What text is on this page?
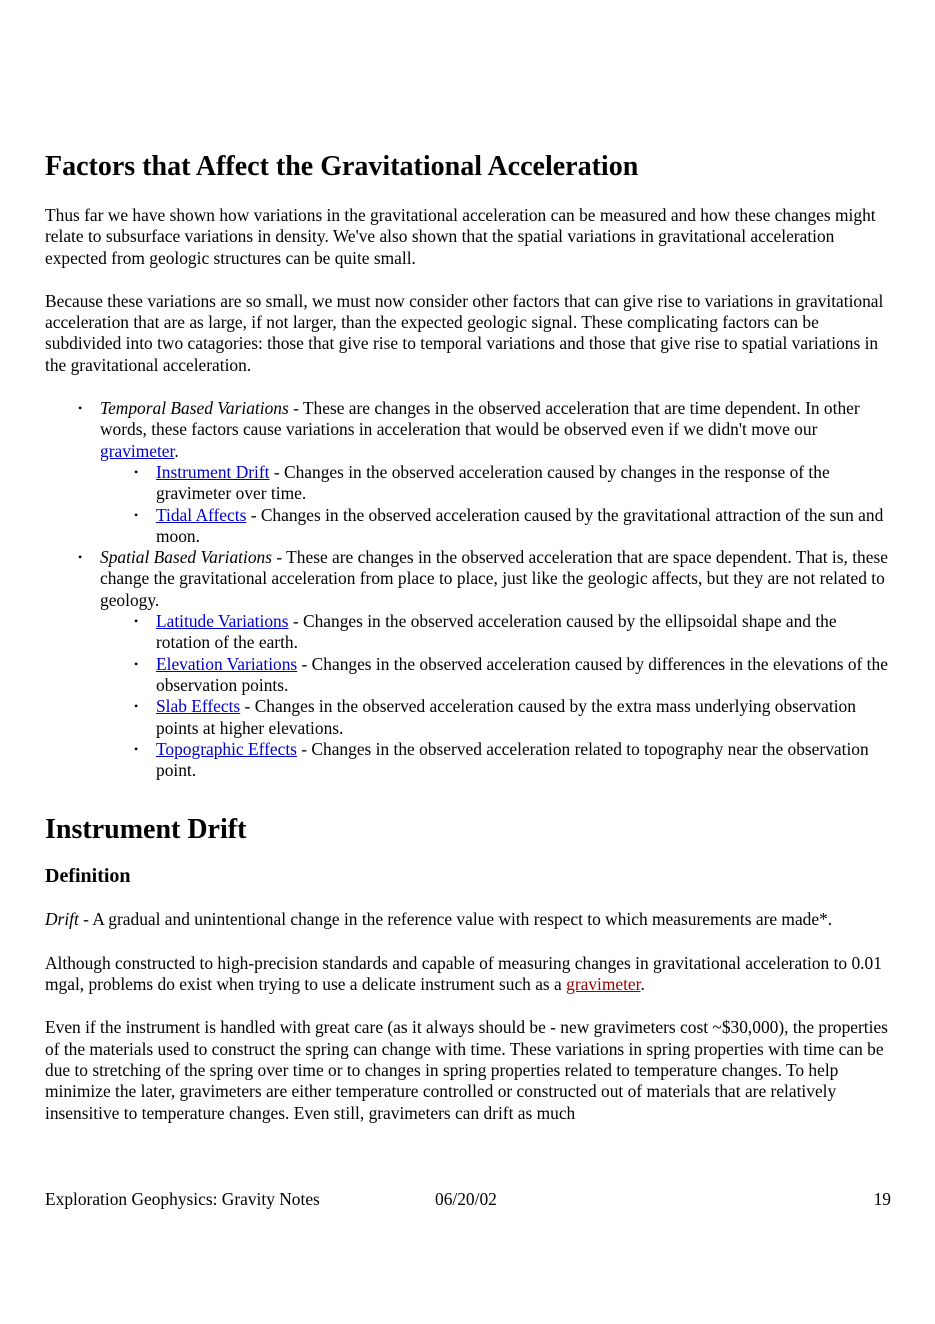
Factors that Affect the Gravitational Acceleration

Thus far we have shown how variations in the gravitational acceleration can be measured and how these changes might relate to subsurface variations in density. We've also shown that the spatial variations in gravitational acceleration expected from geologic structures can be quite small.

Because these variations are so small, we must now consider other factors that can give rise to variations in gravitational acceleration that are as large, if not larger, than the expected geologic signal. These complicating factors can be subdivided into two catagories: those that give rise to temporal variations and those that give rise to spatial variations in the gravitational acceleration.

• Temporal Based Variations - These are changes in the observed acceleration that are time dependent. In other words, these factors cause variations in acceleration that would be observed even if we didn't move our gravimeter.
• Instrument Drift - Changes in the observed acceleration caused by changes in the response of the gravimeter over time.
• Tidal Affects - Changes in the observed acceleration caused by the gravitational attraction of the sun and moon.
• Spatial Based Variations - These are changes in the observed acceleration that are space dependent. That is, these change the gravitational acceleration from place to place, just like the geologic affects, but they are not related to geology.
• Latitude Variations - Changes in the observed acceleration caused by the ellipsoidal shape and the rotation of the earth.
• Elevation Variations - Changes in the observed acceleration caused by differences in the elevations of the observation points.
• Slab Effects - Changes in the observed acceleration caused by the extra mass underlying observation points at higher elevations.
• Topographic Effects - Changes in the observed acceleration related to topography near the observation point.
Instrument Drift
Definition

Drift - A gradual and unintentional change in the reference value with respect to which measurements are made*.

Although constructed to high-precision standards and capable of measuring changes in gravitational acceleration to 0.01 mgal, problems do exist when trying to use a delicate instrument such as a gravimeter.

Even if the instrument is handled with great care (as it always should be - new gravimeters cost ~$30,000), the properties of the materials used to construct the spring can change with time. These variations in spring properties with time can be due to stretching of the spring over time or to changes in spring properties related to temperature changes. To help minimize the later, gravimeters are either temperature controlled or constructed out of materials that are relatively insensitive to temperature changes. Even still, gravimeters can drift as much

Exploration Geophysics: Gravity Notes	06/20/02	19
